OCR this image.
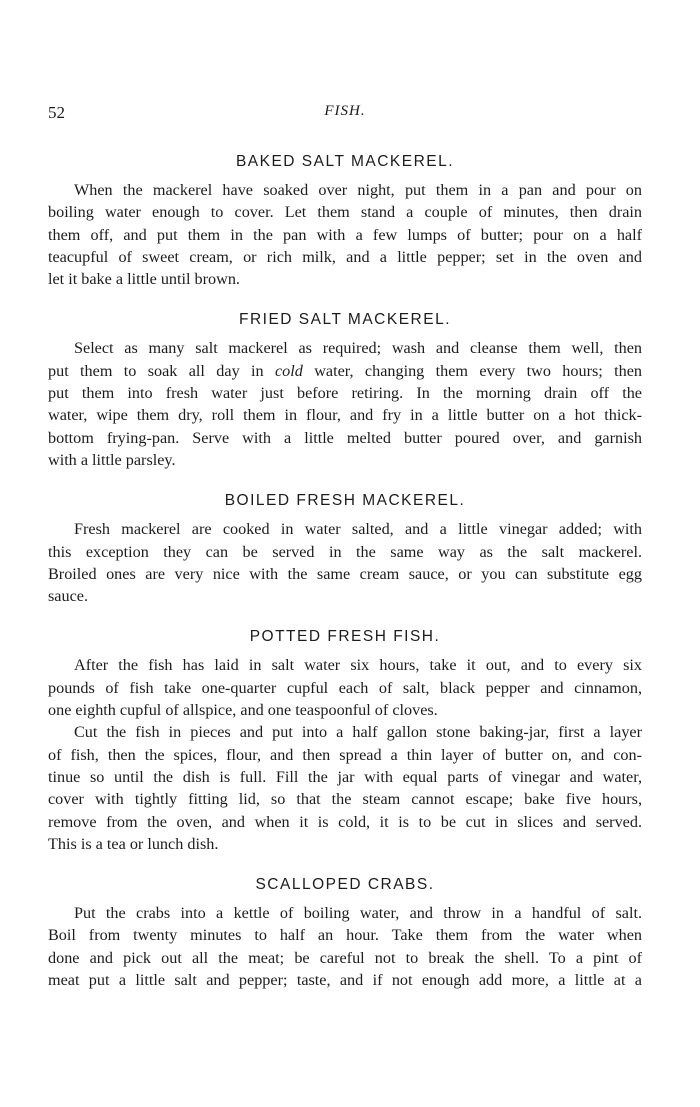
52	FISH.
BAKED SALT MACKEREL.

When the mackerel have soaked over night, put them in a pan and pour on
boiling water enough to cover. Let them stand a couple of minutes, then drain
them off, and put them in the pan with a few lumps of butter; pour on a half
teacupful of sweet cream, or rich milk, and a little pepper; set in the oven and
let it bake a little until brown.

FRIED SALT MACKEREL.

Select as many salt mackerel as required; wash and cleanse them well, then
put them to soak all day in cold water, changing them every two hours; then
put them into fresh water just before retiring. In the morning drain off the
water, wipe them dry, roll them in flour, and fry in a little butter on a hot thick-
bottom frying-pan. Serve with a little melted butter poured over, and garnish
with a little parsley.

BOILED FRESH MACKEREL.

Fresh mackerel are cooked in water salted, and a little vinegar added; with
this exception they can be served in the same way as the salt mackerel.
Broiled ones are very nice with the same cream sauce, or you can substitute egg
sauce.

POTTED FRESH FISH.

After the fish has laid in salt water six hours, take it out, and to every six
pounds of fish take one-quarter cupful each of salt, black pepper and cinnamon,
one eighth cupful of allspice, and one teaspoonful of cloves.

Cut the fish in pieces and put into a half gallon stone baking-jar, first a layer
of fish, then the spices, flour, and then spread a thin layer of butter on, and con-
tinue so until the dish is full. Fill the jar with equal parts of vinegar and water,
cover with tightly fitting lid, so that the steam cannot escape; bake five hours,
remove from the oven, and when it is cold, it is to be cut in slices and served.
This is a tea or lunch dish.

SCALLOPED CRABS.

Put the crabs into a kettle of boiling water, and throw in a handful of salt.
Boil from twenty minutes to half an hour. Take them from the water when
done and pick out all the meat; be careful not to break the shell. To a pint of
meat put a little salt and pepper; taste, and if not enough add more, a little at a
